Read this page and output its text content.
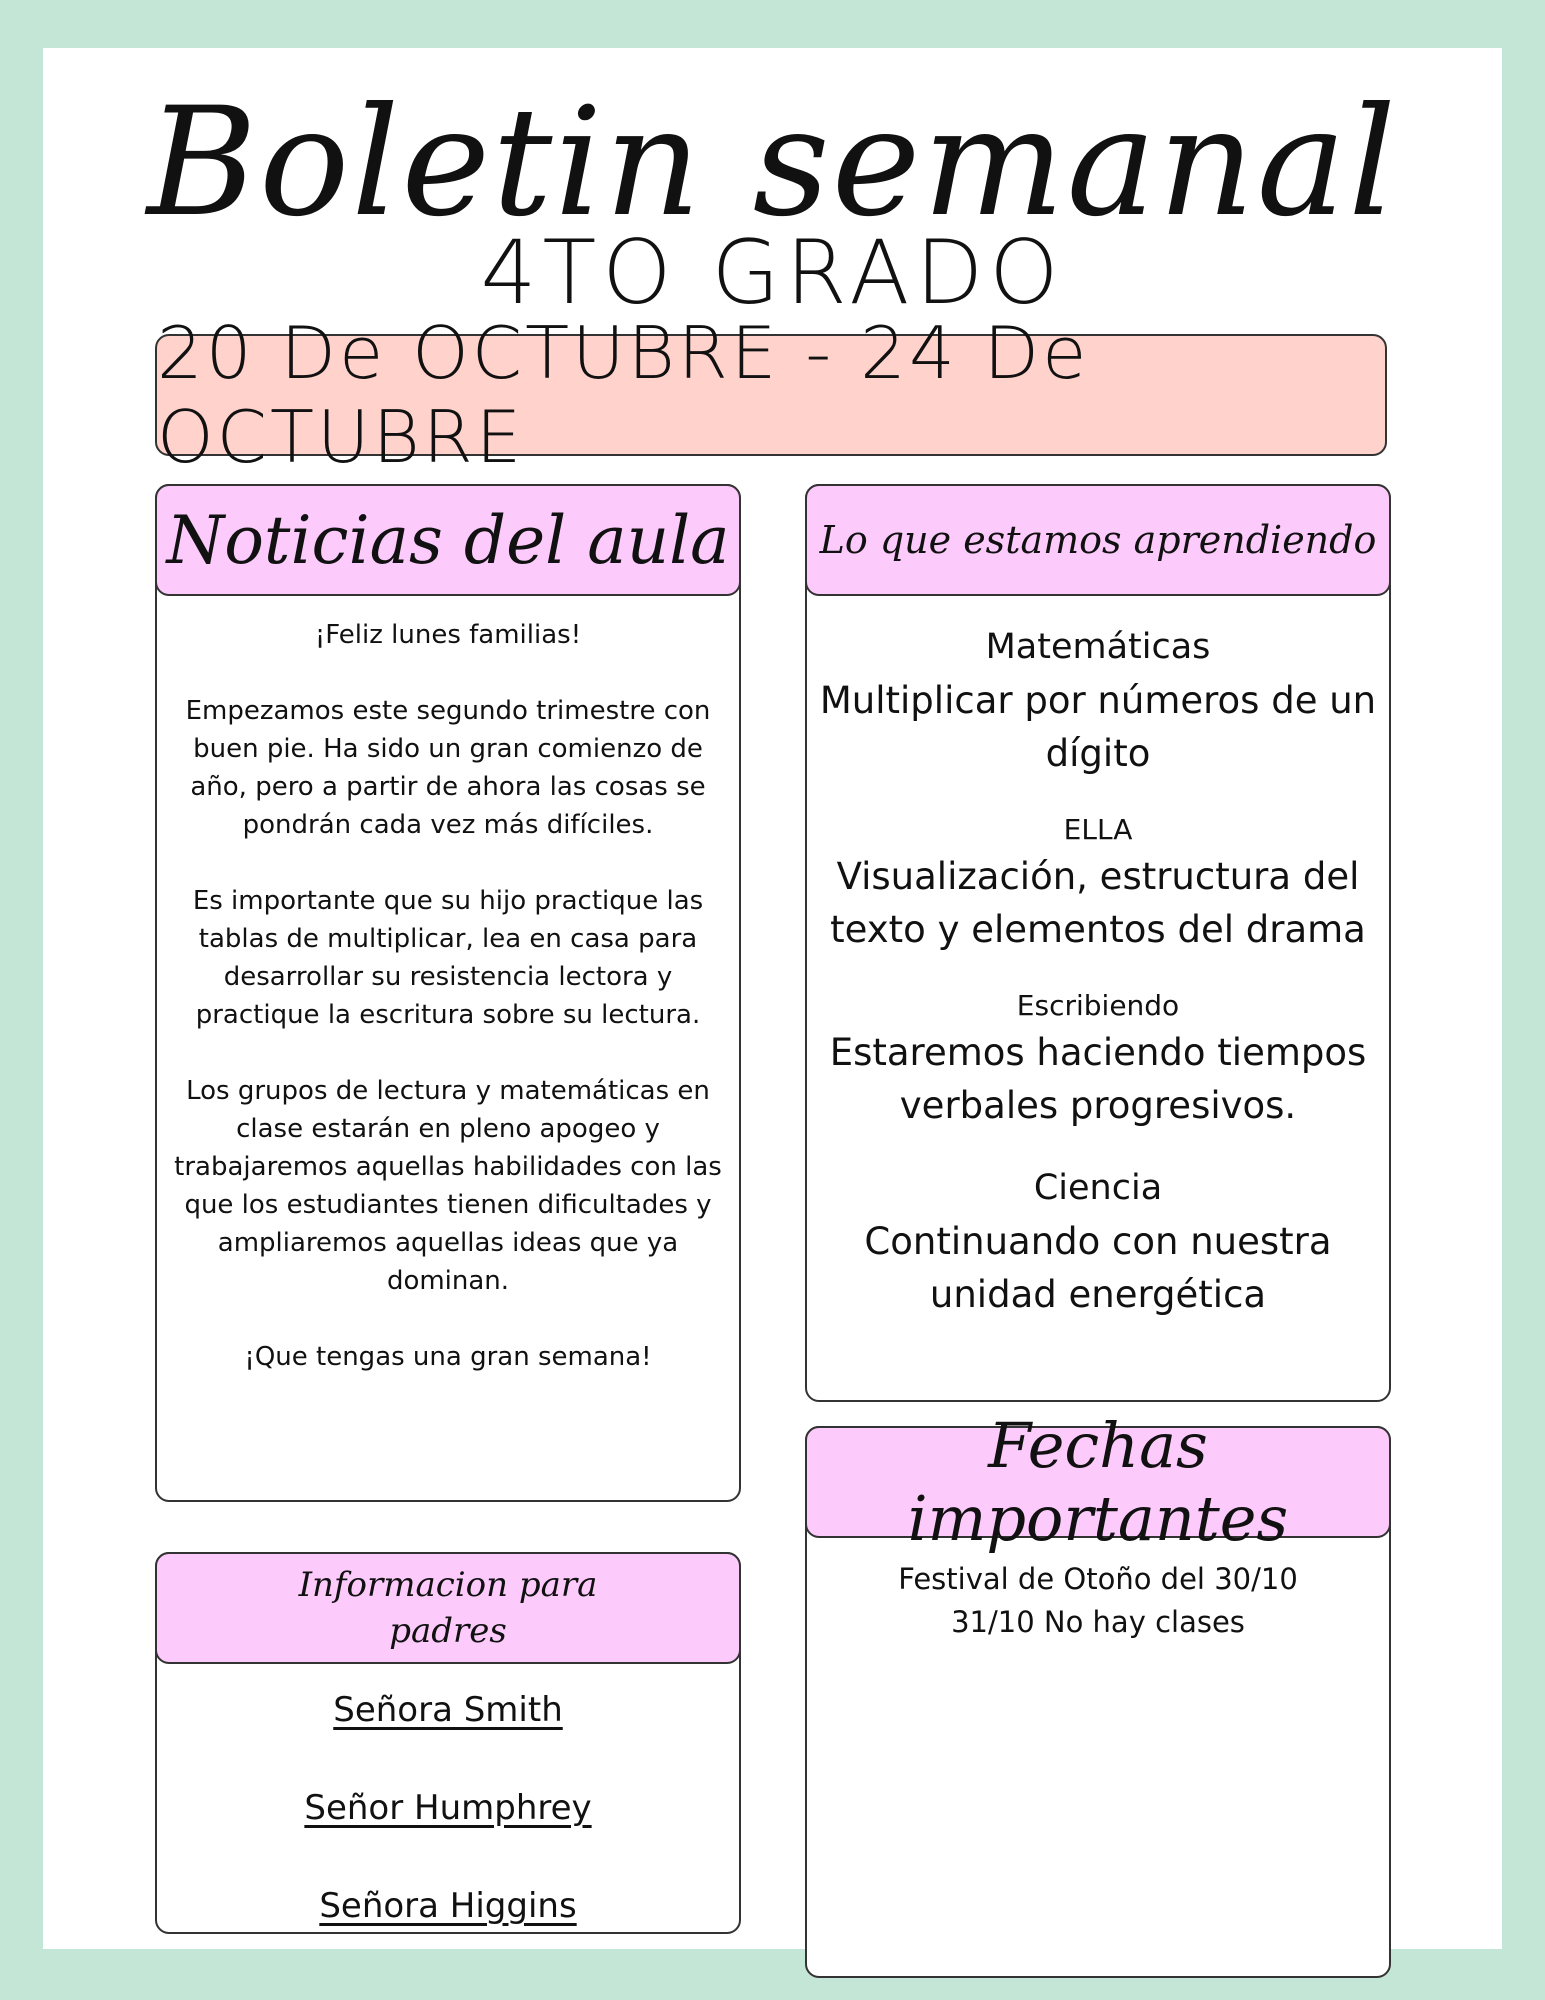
Boletin semanal
4TO GRADO
20 De OCTUBRE - 24 De OCTUBRE
Noticias del aula

¡Feliz lunes familias!

Empezamos este segundo trimestre con buen pie. Ha sido un gran comienzo de año, pero a partir de ahora las cosas se pondrán cada vez más difíciles.

Es importante que su hijo practique las tablas de multiplicar, lea en casa para desarrollar su resistencia lectora y practique la escritura sobre su lectura.

Los grupos de lectura y matemáticas en clase estarán en pleno apogeo y trabajaremos aquellas habilidades con las que los estudiantes tienen dificultades y ampliaremos aquellas ideas que ya dominan.

¡Que tengas una gran semana!

Lo que estamos aprendiendo
Matemáticas
Multiplicar por números de un dígito
ELLA
Visualización, estructura del texto y elementos del drama
Escribiendo
Estaremos haciendo tiempos verbales progresivos.
Ciencia
Continuando con nuestra unidad energética
Fechas importantes
Festival de Otoño del 30/10
31/10 No hay clases
Informacion para padres
Señora Smith
Señor Humphrey
Señora Higgins
